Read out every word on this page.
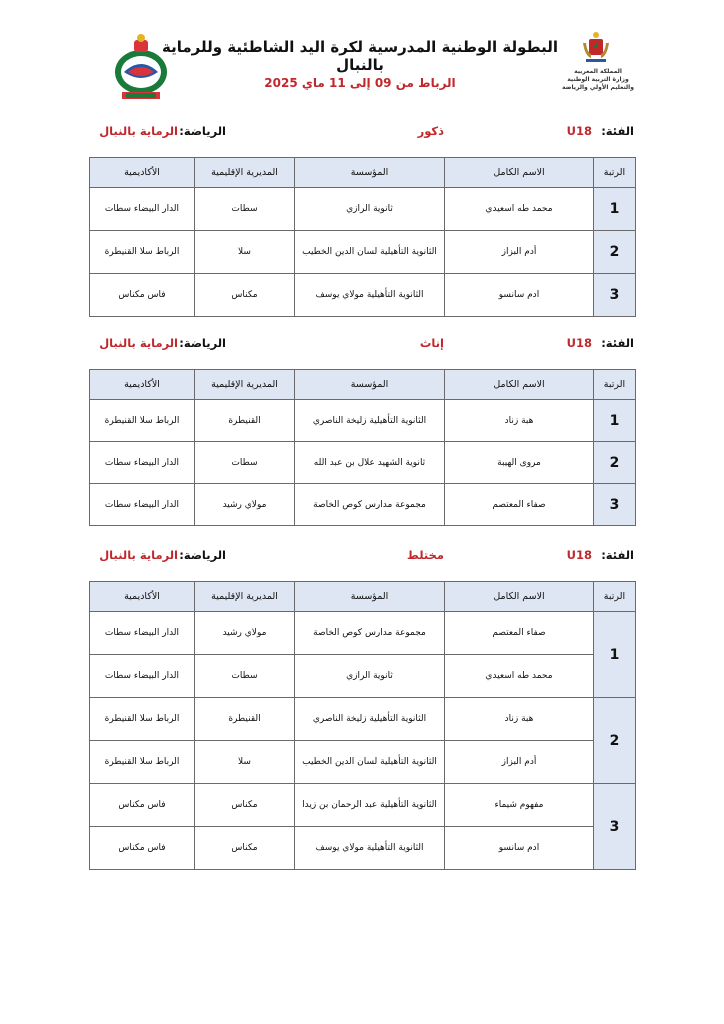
البطولة الوطنية المدرسية لكرة اليد الشاطئية وللرماية بالنبال
الرباط من 09 إلى 11 ماي 2025
المملكة المغربية
وزارة التربية الوطنية والتعليم الأولي والرياضة
الفئة:
U18
ذكور
الرياضة:
الرماية بالنبال
الرتبة	الاسم الكامل	المؤسسة	المديرية الإقليمية	الأكاديمية
1	محمد طه اسعيدي	ثانوية الرازي	سطات	الدار البيضاء سطات
2	أدم البزاز	الثانوية التأهيلية لسان الدين الخطيب	سلا	الرباط سلا القنيطرة
3	ادم سانسو	الثانوية التأهيلية مولاي يوسف	مكناس	فاس مكناس
الفئة:
U18
إناث
الرياضة:
الرماية بالنبال
الرتبة	الاسم الكامل	المؤسسة	المديرية الإقليمية	الأكاديمية
1	هبة زناد	الثانوية التأهيلية زليخة الناصري	القنيطرة	الرباط سلا القنيطرة
2	مروى الهيبة	ثانوية الشهيد علال بن عبد الله	سطات	الدار البيضاء سطات
3	صفاء المعتصم	مجموعة مدارس كوص الخاصة	مولاي رشيد	الدار البيضاء سطات
الفئة:
U18
مختلط
الرياضة:
الرماية بالنبال
الرتبة	الاسم الكامل	المؤسسة	المديرية الإقليمية	الأكاديمية
1	صفاء المعتصم	مجموعة مدارس كوص الخاصة	مولاي رشيد	الدار البيضاء سطات
	محمد طه اسعيدي	ثانوية الرازي	سطات	الدار البيضاء سطات
2	هبة زناد	الثانوية التأهيلية زليخة الناصري	القنيطرة	الرباط سلا القنيطرة
	أدم البزاز	الثانوية التأهيلية لسان الدين الخطيب	سلا	الرباط سلا القنيطرة
3	مفهوم شيماء	الثانوية التأهيلية عبد الرحمان بن زيدا	مكناس	فاس مكناس
	ادم سانسو	الثانوية التأهيلية مولاي يوسف	مكناس	فاس مكناس
